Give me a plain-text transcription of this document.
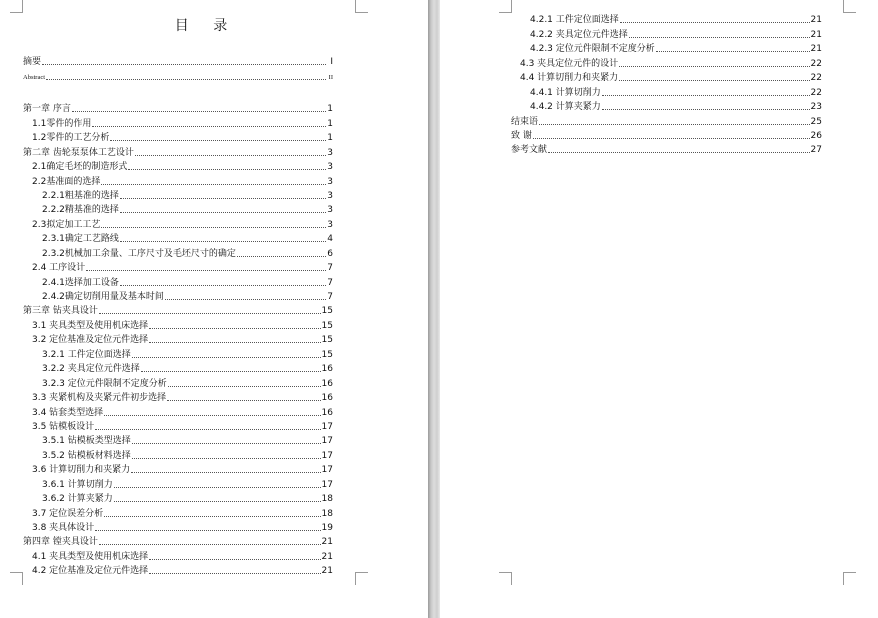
目 录
摘要	I
Abstract	II
第一章 序言	1
1.1零件的作用	1
1.2零件的工艺分析	1
第二章 齿轮泵泵体工艺设计	3
2.1确定毛坯的制造形式	3
2.2基准面的选择	3
2.2.1粗基准的选择	3
2.2.2精基准的选择	3
2.3拟定加工工艺	3
2.3.1确定工艺路线	4
2.3.2机械加工余量、工序尺寸及毛坯尺寸的确定	6
2.4 工序设计	7
2.4.1选择加工设备	7
2.4.2确定切削用量及基本时间	7
第三章 钻夹具设计	15
3.1 夹具类型及使用机床选择	15
3.2 定位基准及定位元件选择	15
3.2.1 工件定位面选择	15
3.2.2 夹具定位元件选择	16
3.2.3 定位元件限制不定度分析	16
3.3 夹紧机构及夹紧元件初步选择	16
3.4 钻套类型选择	16
3.5 钻模板设计	17
3.5.1 钻模板类型选择	17
3.5.2 钻模板材料选择	17
3.6 计算切削力和夹紧力	17
3.6.1 计算切削力	17
3.6.2 计算夹紧力	18
3.7 定位误差分析	18
3.8 夹具体设计	19
第四章 镗夹具设计	21
4.1 夹具类型及使用机床选择	21
4.2 定位基准及定位元件选择	21
4.2.1 工件定位面选择	21
4.2.2 夹具定位元件选择	21
4.2.3 定位元件限制不定度分析	21
4.3 夹具定位元件的设计	22
4.4 计算切削力和夹紧力	22
4.4.1 计算切削力	22
4.4.2 计算夹紧力	23
结束语	25
致 谢	26
参考文献	27
